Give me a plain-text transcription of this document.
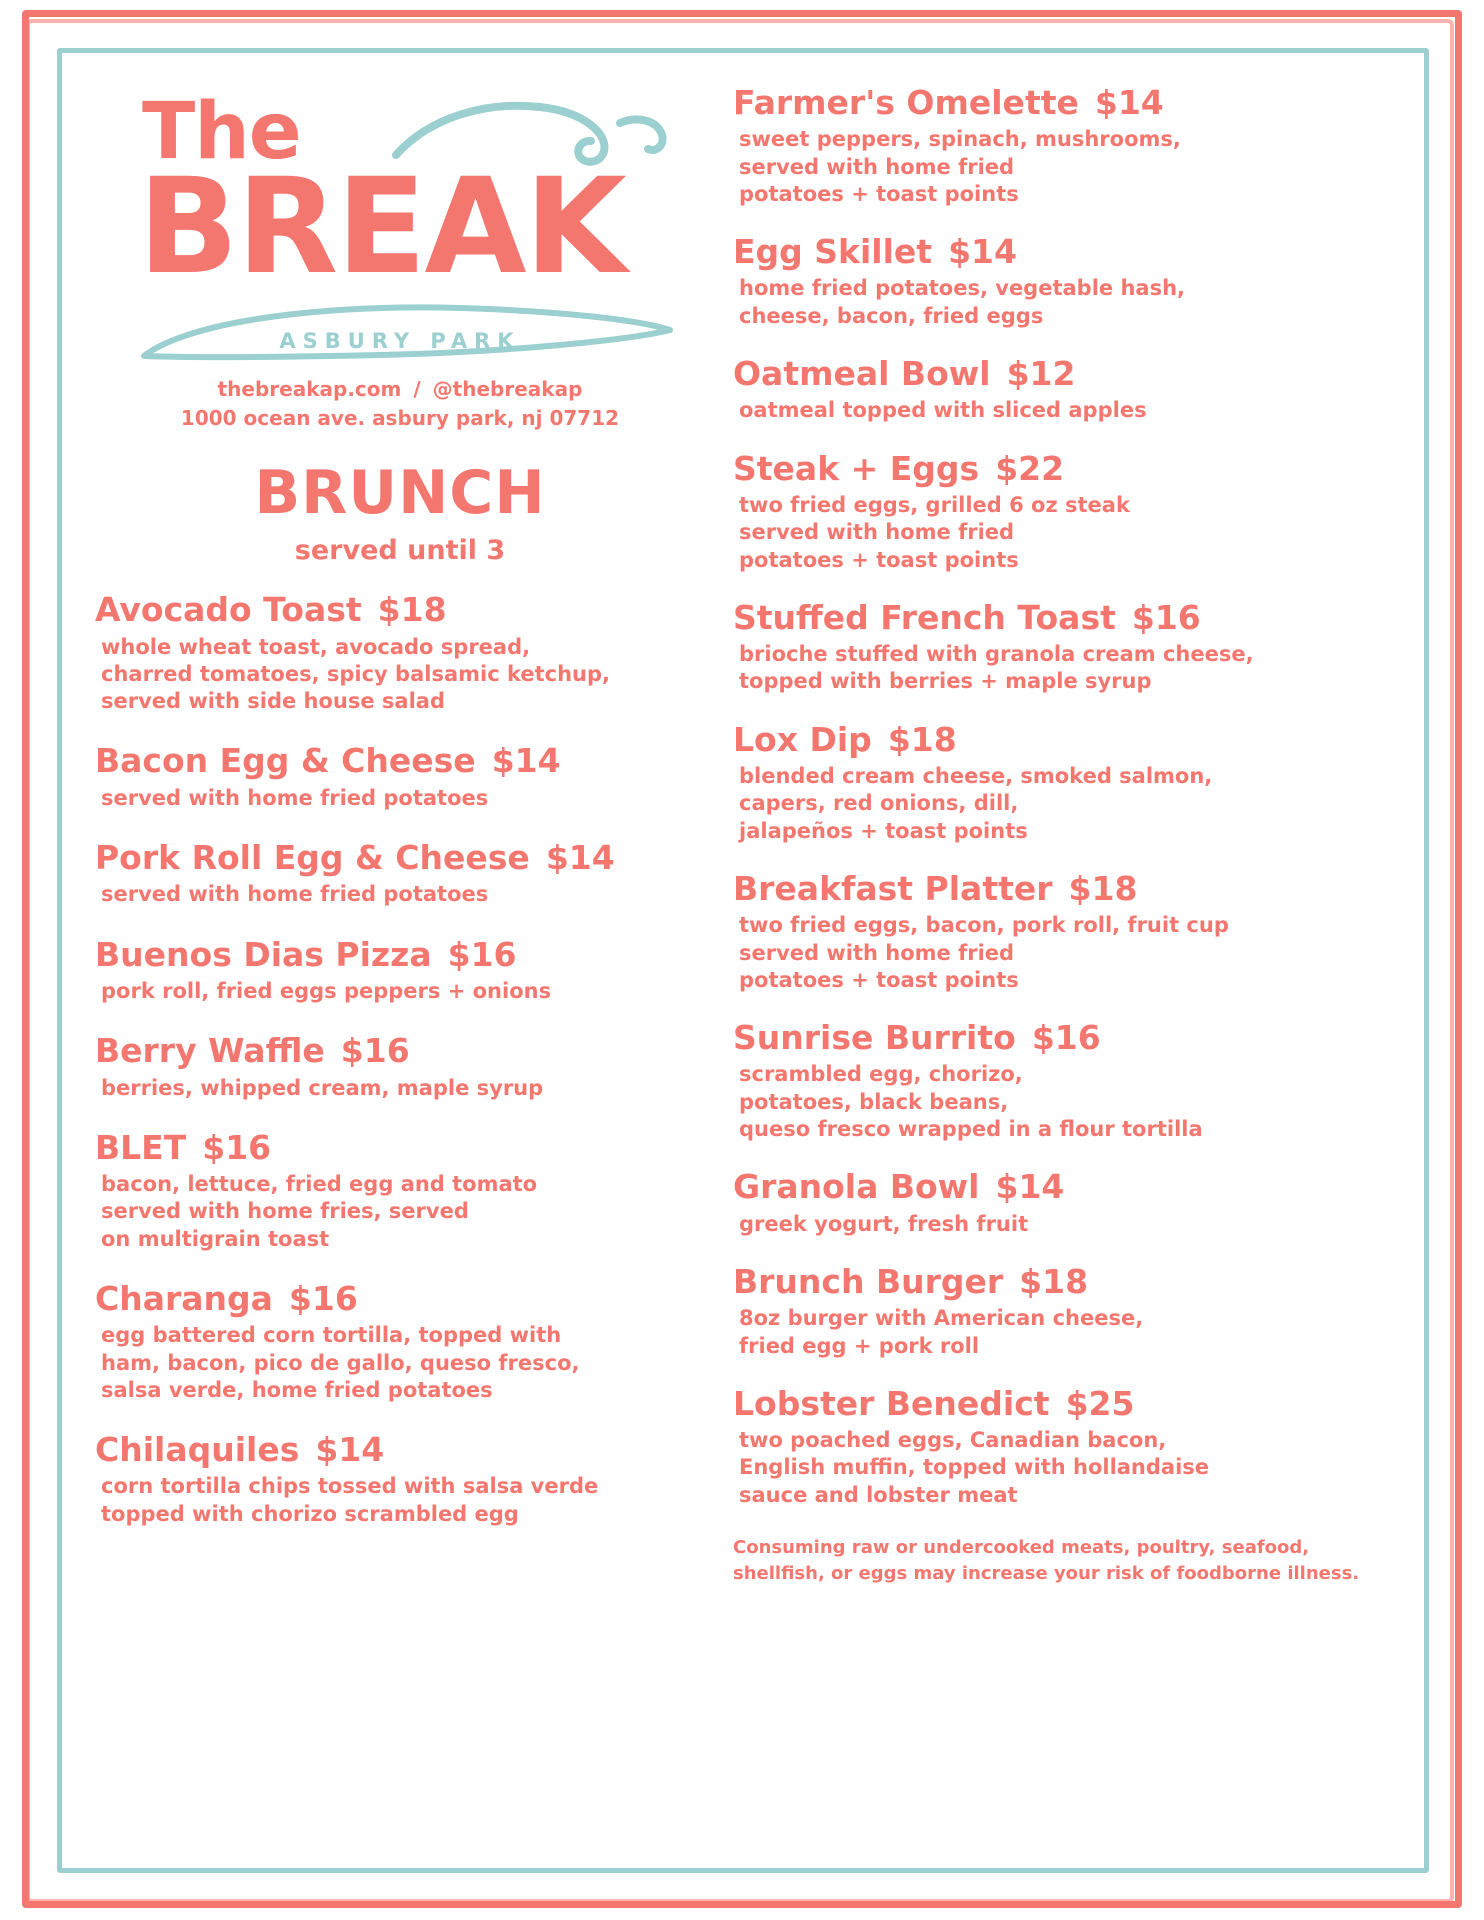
The
BREAK
ASBURY PARK
thebreakap.com / @thebreakap
1000 ocean ave. asbury park, nj 07712
BRUNCH
served until 3
Avocado Toast $18
whole wheat toast, avocado spread,
charred tomatoes, spicy balsamic ketchup,
served with side house salad
Bacon Egg & Cheese $14
served with home fried potatoes
Pork Roll Egg & Cheese $14
served with home fried potatoes
Buenos Dias Pizza $16
pork roll, fried eggs peppers + onions
Berry Waffle $16
berries, whipped cream, maple syrup
BLET $16
bacon, lettuce, fried egg and tomato
served with home fries, served
on multigrain toast
Charanga $16
egg battered corn tortilla, topped with
ham, bacon, pico de gallo, queso fresco,
salsa verde, home fried potatoes
Chilaquiles $14
corn tortilla chips tossed with salsa verde
topped with chorizo scrambled egg
Farmer's Omelette $14
sweet peppers, spinach, mushrooms,
served with home fried
potatoes + toast points
Egg Skillet $14
home fried potatoes, vegetable hash,
cheese, bacon, fried eggs
Oatmeal Bowl $12
oatmeal topped with sliced apples
Steak + Eggs $22
two fried eggs, grilled 6 oz steak
served with home fried
potatoes + toast points
Stuffed French Toast $16
brioche stuffed with granola cream cheese,
topped with berries + maple syrup
Lox Dip $18
blended cream cheese, smoked salmon,
capers, red onions, dill,
jalapeños + toast points
Breakfast Platter $18
two fried eggs, bacon, pork roll, fruit cup
served with home fried
potatoes + toast points
Sunrise Burrito $16
scrambled egg, chorizo,
potatoes, black beans,
queso fresco wrapped in a flour tortilla
Granola Bowl $14
greek yogurt, fresh fruit
Brunch Burger $18
8oz burger with American cheese,
fried egg + pork roll
Lobster Benedict $25
two poached eggs, Canadian bacon,
English muffin, topped with hollandaise
sauce and lobster meat
Consuming raw or undercooked meats, poultry, seafood,
shellfish, or eggs may increase your risk of foodborne illness.
